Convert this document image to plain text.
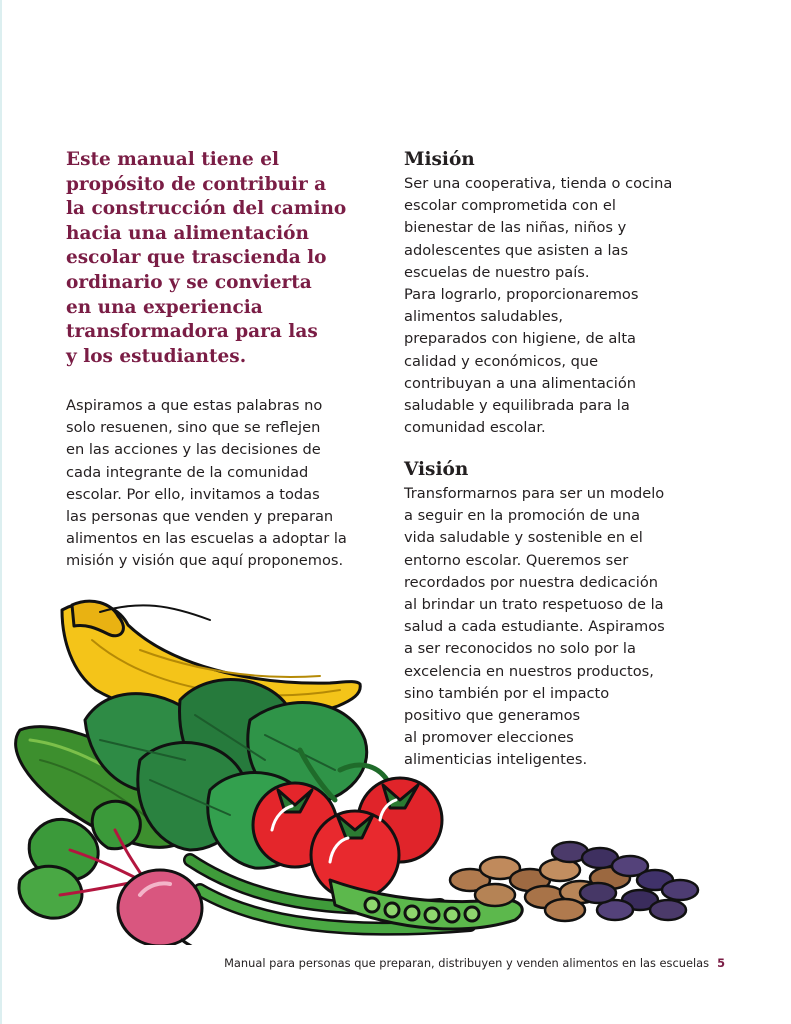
Este manual tiene el
propósito de contribuir a
la construcción del camino
hacia una alimentación
escolar que trascienda lo
ordinario y se convierta
en una experiencia
transformadora para las
y los estudiantes.
Aspiramos a que estas palabras no
solo resuenen, sino que se reflejen
en las acciones y las decisiones de
cada integrante de la comunidad
escolar. Por ello, invitamos a todas
las personas que venden y preparan
alimentos en las escuelas a adoptar la
misión y visión que aquí proponemos.
Misión
Ser una cooperativa, tienda o cocina
escolar comprometida con el
bienestar de las niñas, niños y
adolescentes que asisten a las
escuelas de nuestro país.
Para lograrlo, proporcionaremos
alimentos saludables,
preparados con higiene, de alta
calidad y económicos, que
contribuyan a una alimentación
saludable y equilibrada para la
comunidad escolar.
Visión
Transformarnos para ser un modelo
a seguir en la promoción de una
vida saludable y sostenible en el
entorno escolar. Queremos ser
recordados por nuestra dedicación
al brindar un trato respetuoso de la
salud a cada estudiante. Aspiramos
a ser reconocidos no solo por la
excelencia en nuestros productos,
sino también por el impacto
positivo que generamos
al promover elecciones
alimenticias inteligentes.
Manual para personas que preparan, distribuyen y venden alimentos en las escuelas 5
